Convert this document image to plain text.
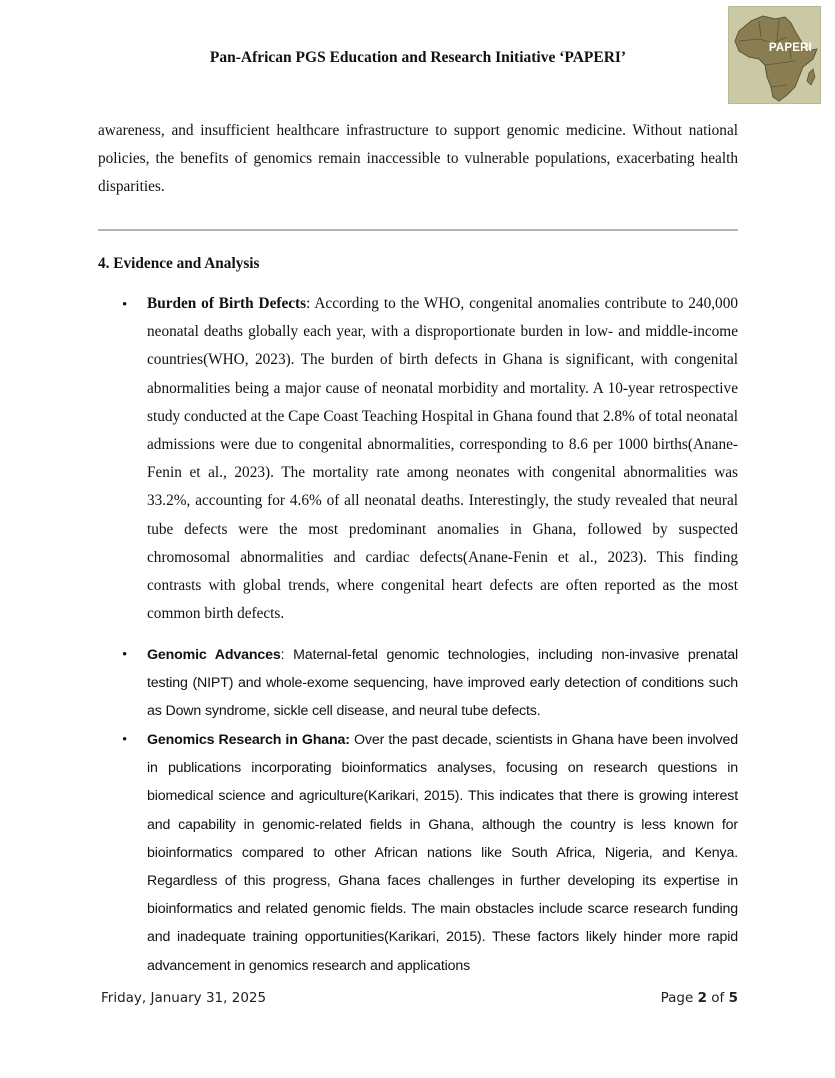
Pan-African PGS Education and Research Initiative ‘PAPERI’
PAPERI
awareness, and insufficient healthcare infrastructure to support genomic medicine. Without national policies, the benefits of genomics remain inaccessible to vulnerable populations, exacerbating health disparities.
4. Evidence and Analysis
• Burden of Birth Defects: According to the WHO, congenital anomalies contribute to 240,000 neonatal deaths globally each year, with a disproportionate burden in low- and middle-income countries(WHO, 2023). The burden of birth defects in Ghana is significant, with congenital abnormalities being a major cause of neonatal morbidity and mortality. A 10-year retrospective study conducted at the Cape Coast Teaching Hospital in Ghana found that 2.8% of total neonatal admissions were due to congenital abnormalities, corresponding to 8.6 per 1000 births(Anane-Fenin et al., 2023). The mortality rate among neonates with congenital abnormalities was 33.2%, accounting for 4.6% of all neonatal deaths. Interestingly, the study revealed that neural tube defects were the most predominant anomalies in Ghana, followed by suspected chromosomal abnormalities and cardiac defects(Anane-Fenin et al., 2023). This finding contrasts with global trends, where congenital heart defects are often reported as the most common birth defects.
• Genomic Advances: Maternal-fetal genomic technologies, including non-invasive prenatal testing (NIPT) and whole-exome sequencing, have improved early detection of conditions such as Down syndrome, sickle cell disease, and neural tube defects.
• Genomics Research in Ghana: Over the past decade, scientists in Ghana have been involved in publications incorporating bioinformatics analyses, focusing on research questions in biomedical science and agriculture(Karikari, 2015). This indicates that there is growing interest and capability in genomic-related fields in Ghana, although the country is less known for bioinformatics compared to other African nations like South Africa, Nigeria, and Kenya. Regardless of this progress, Ghana faces challenges in further developing its expertise in bioinformatics and related genomic fields. The main obstacles include scarce research funding and inadequate training opportunities(Karikari, 2015). These factors likely hinder more rapid advancement in genomics research and applications
Friday, January 31, 2025	Page 2 of 5
